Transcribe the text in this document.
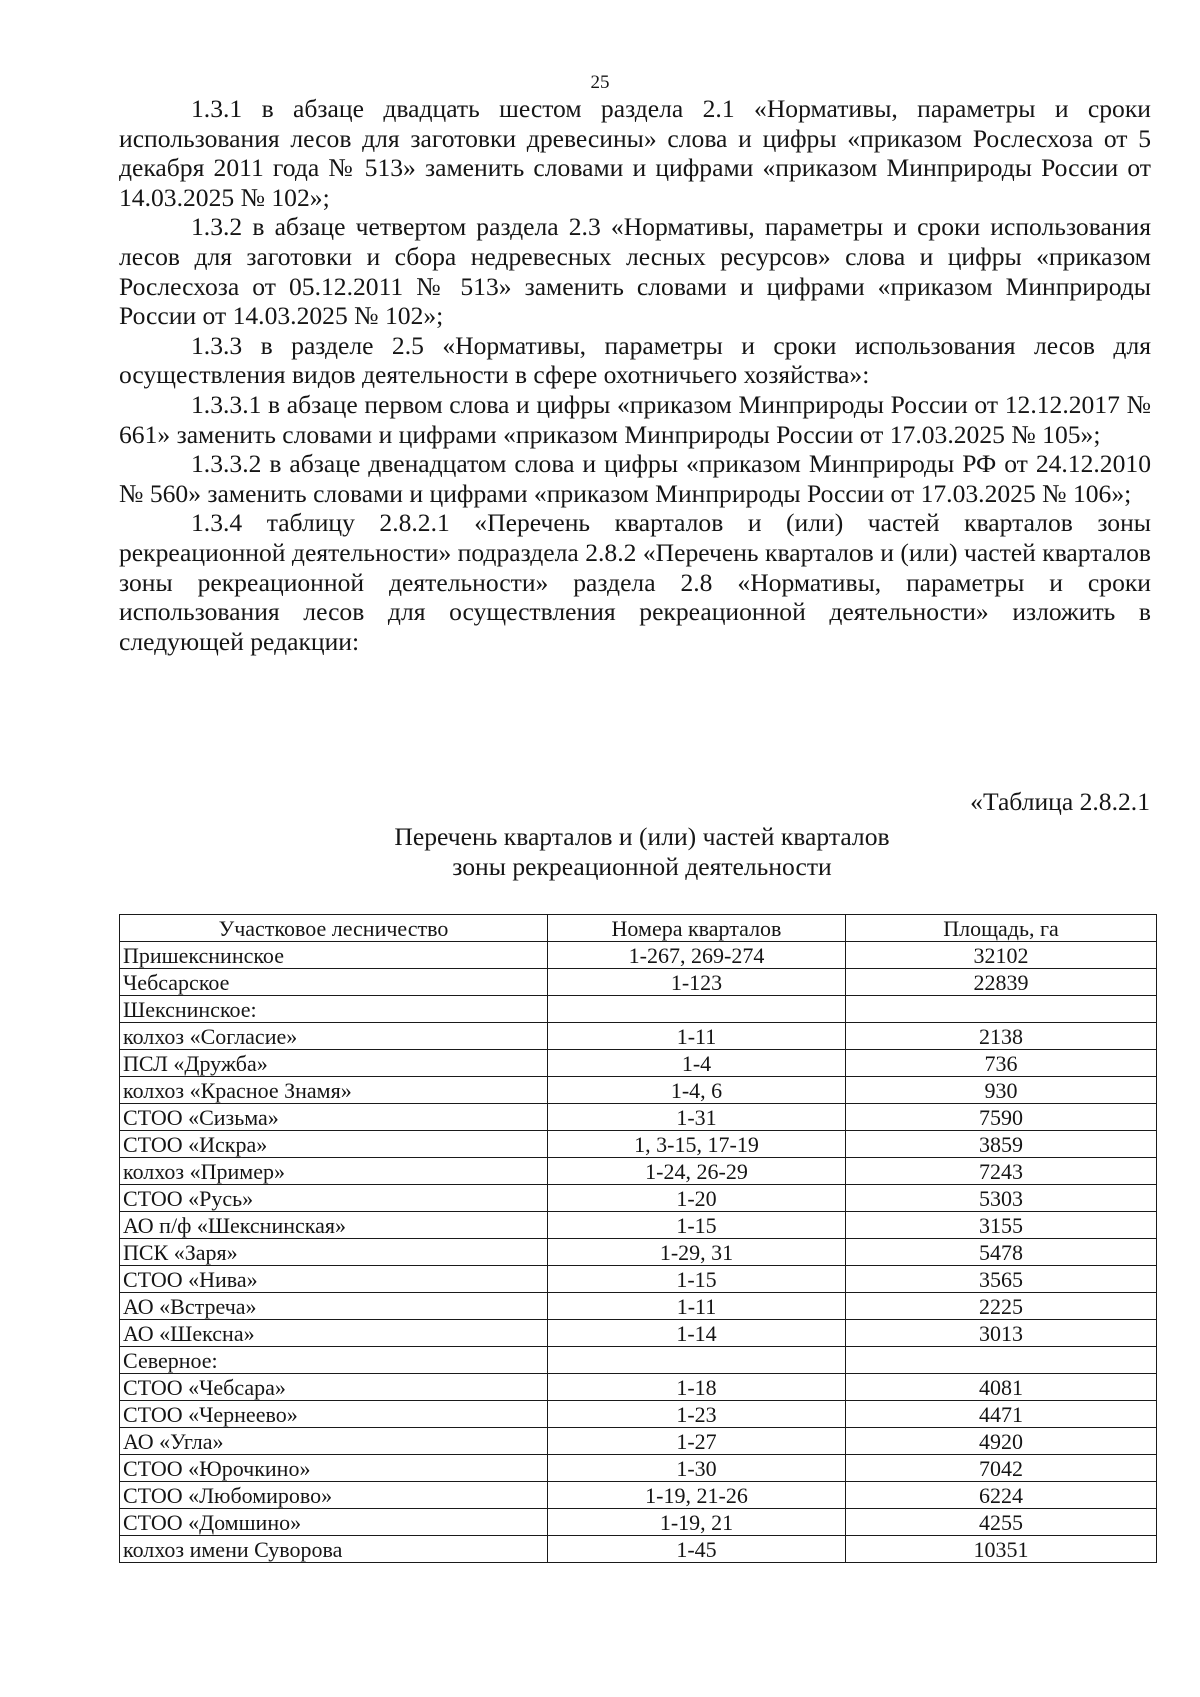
25

1.3.1 в абзаце двадцать шестом раздела 2.1 «Нормативы, параметры и сроки использования лесов для заготовки древесины» слова и цифры «приказом Рослесхоза от 5 декабря 2011 года № 513» заменить словами и цифрами «приказом Минприроды России от 14.03.2025 № 102»;

1.3.2 в абзаце четвертом раздела 2.3 «Нормативы, параметры и сроки использования лесов для заготовки и сбора недревесных лесных ресурсов» слова и цифры «приказом Рослесхоза от 05.12.2011 № 513» заменить словами и цифрами «приказом Минприроды России от 14.03.2025 № 102»;

1.3.3 в разделе 2.5 «Нормативы, параметры и сроки использования лесов для осуществления видов деятельности в сфере охотничьего хозяйства»:

1.3.3.1 в абзаце первом слова и цифры «приказом Минприроды России от 12.12.2017 № 661» заменить словами и цифрами «приказом Минприроды России от 17.03.2025 № 105»;

1.3.3.2 в абзаце двенадцатом слова и цифры «приказом Минприроды РФ от 24.12.2010 № 560» заменить словами и цифрами «приказом Минприроды России от 17.03.2025 № 106»;

1.3.4 таблицу 2.8.2.1 «Перечень кварталов и (или) частей кварталов зоны рекреационной деятельности» подраздела 2.8.2 «Перечень кварталов и (или) частей кварталов зоны рекреационной деятельности» раздела 2.8 «Нормативы, параметры и сроки использования лесов для осуществления рекреационной деятельности» изложить в следующей редакции:

«Таблица 2.8.2.1
Перечень кварталов и (или) частей кварталов
зоны рекреационной деятельности
Участковое лесничество	Номера кварталов	Площадь, га
Пришекснинское	1-267, 269-274	32102
Чебсарское	1-123	22839
Шекснинское:		
колхоз «Согласие»	1-11	2138
ПСЛ «Дружба»	1-4	736
колхоз «Красное Знамя»	1-4, 6	930
СТОО «Сизьма»	1-31	7590
СТОО «Искра»	1, 3-15, 17-19	3859
колхоз «Пример»	1-24, 26-29	7243
СТОО «Русь»	1-20	5303
АО п/ф «Шекснинская»	1-15	3155
ПСК «Заря»	1-29, 31	5478
СТОО «Нива»	1-15	3565
АО «Встреча»	1-11	2225
АО «Шексна»	1-14	3013
Северное:		
СТОО «Чебсара»	1-18	4081
СТОО «Чернеево»	1-23	4471
АО «Угла»	1-27	4920
СТОО «Юрочкино»	1-30	7042
СТОО «Любомирово»	1-19, 21-26	6224
СТОО «Домшино»	1-19, 21	4255
колхоз имени Суворова	1-45	10351
